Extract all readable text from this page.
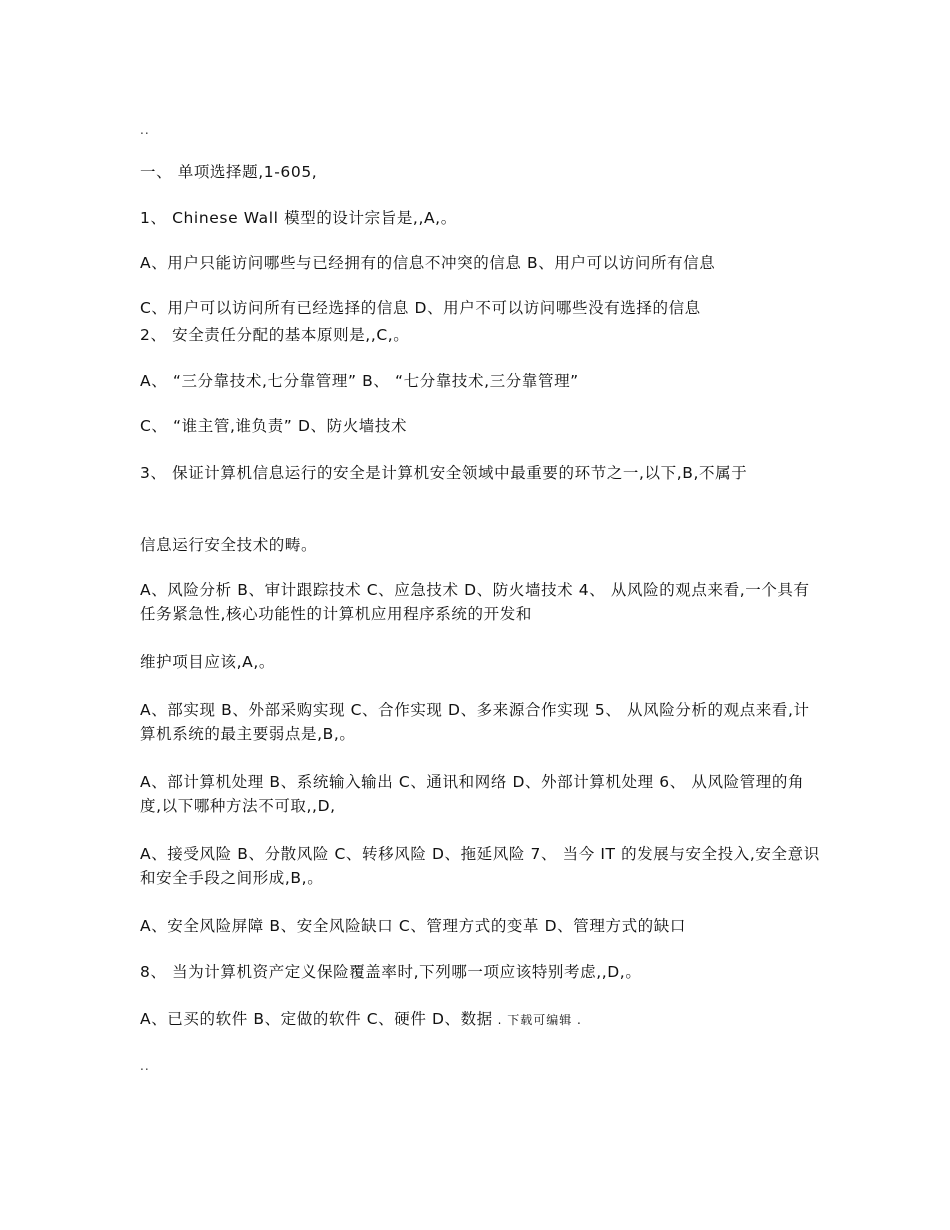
..
一、 单项选择题,1-605,
1、 Chinese Wall 模型的设计宗旨是,,A,。
A、用户只能访问哪些与已经拥有的信息不冲突的信息 B、用户可以访问所有信息
C、用户可以访问所有已经选择的信息 D、用户不可以访问哪些没有选择的信息
2、 安全责任分配的基本原则是,,C,。
A、 “三分靠技术,七分靠管理” B、 “七分靠技术,三分靠管理”
C、 “谁主管,谁负责” D、防火墙技术
3、 保证计算机信息运行的安全是计算机安全领域中最重要的环节之一,以下,B,不属于
信息运行安全技术的畴。
A、风险分析 B、审计跟踪技术 C、应急技术 D、防火墙技术 4、 从风险的观点来看,一个具有任务紧急性,核心功能性的计算机应用程序系统的开发和
维护项目应该,A,。
A、部实现 B、外部采购实现 C、合作实现 D、多来源合作实现 5、 从风险分析的观点来看,计算机系统的最主要弱点是,B,。
A、部计算机处理 B、系统输入输出 C、通讯和网络 D、外部计算机处理 6、 从风险管理的角度,以下哪种方法不可取,,D,
A、接受风险 B、分散风险 C、转移风险 D、拖延风险 7、 当今 IT 的发展与安全投入,安全意识和安全手段之间形成,B,。
A、安全风险屏障 B、安全风险缺口 C、管理方式的变革 D、管理方式的缺口
8、 当为计算机资产定义保险覆盖率时,下列哪一项应该特别考虑,,D,。
A、已买的软件 B、定做的软件 C、硬件 D、数据 . 下载可编辑 .
..
